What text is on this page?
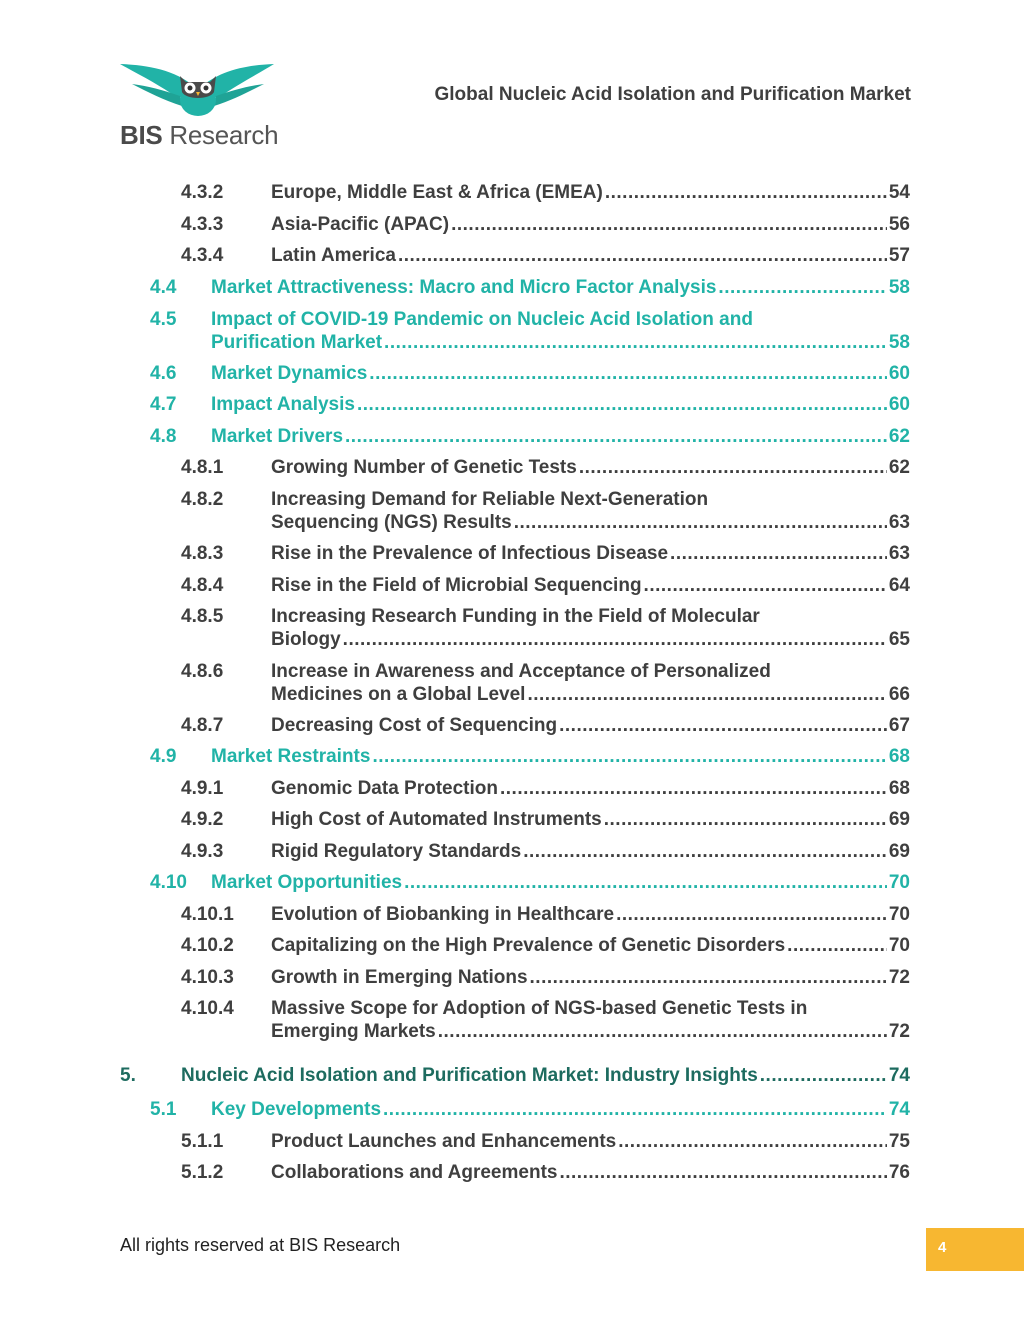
BIS Research
Global Nucleic Acid Isolation and Purification Market
4.3.2	Europe, Middle East & Africa (EMEA) .....	54
4.3.3	Asia-Pacific (APAC) .....	56
4.3.4	Latin America .....	57
4.4 Market Attractiveness: Macro and Micro Factor Analysis .....	58
4.5 Impact of COVID-19 Pandemic on Nucleic Acid Isolation and
Purification Market .....	58
4.6 Market Dynamics .....	60
4.7 Impact Analysis .....	60
4.8 Market Drivers .....	62
4.8.1	Growing Number of Genetic Tests .....	62
4.8.2	Increasing Demand for Reliable Next-Generation
Sequencing (NGS) Results .....	63
4.8.3	Rise in the Prevalence of Infectious Disease .....	63
4.8.4	Rise in the Field of Microbial Sequencing .....	64
4.8.5	Increasing Research Funding in the Field of Molecular
Biology .....	65
4.8.6	Increase in Awareness and Acceptance of Personalized
Medicines on a Global Level .....	66
4.8.7	Decreasing Cost of Sequencing .....	67
4.9 Market Restraints .....	68
4.9.1	Genomic Data Protection .....	68
4.9.2	High Cost of Automated Instruments .....	69
4.9.3	Rigid Regulatory Standards .....	69
4.10 Market Opportunities .....	70
4.10.1 Evolution of Biobanking in Healthcare .....	70
4.10.2 Capitalizing on the High Prevalence of Genetic Disorders .....	70
4.10.3 Growth in Emerging Nations .....	72
4.10.4 Massive Scope for Adoption of NGS-based Genetic Tests in
Emerging Markets .....	72
5. Nucleic Acid Isolation and Purification Market: Industry Insights .....	74
5.1 Key Developments .....	74
5.1.1	Product Launches and Enhancements .....	75
5.1.2	Collaborations and Agreements .....	76
All rights reserved at BIS Research	4
